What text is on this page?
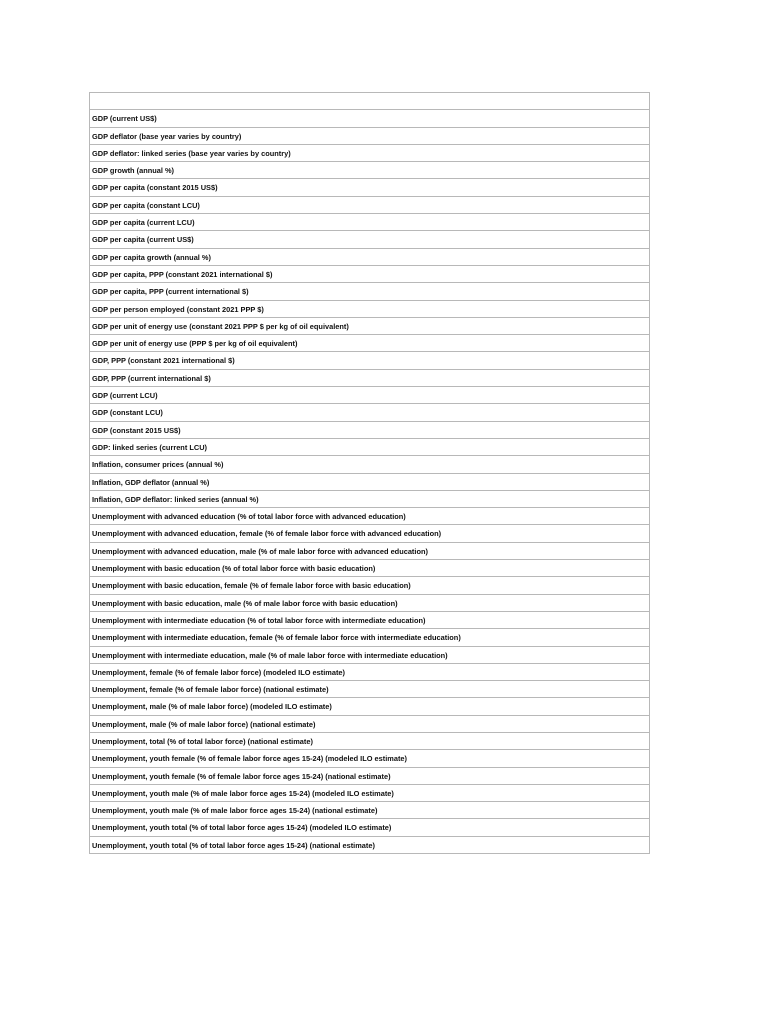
GDP (current US$)
GDP deflator (base year varies by country)
GDP deflator: linked series (base year varies by country)
GDP growth (annual %)
GDP per capita (constant 2015 US$)
GDP per capita (constant LCU)
GDP per capita (current LCU)
GDP per capita (current US$)
GDP per capita growth (annual %)
GDP per capita, PPP (constant 2021 international $)
GDP per capita, PPP (current international $)
GDP per person employed (constant 2021 PPP $)
GDP per unit of energy use (constant 2021 PPP $ per kg of oil equivalent)
GDP per unit of energy use (PPP $ per kg of oil equivalent)
GDP, PPP (constant 2021 international $)
GDP, PPP (current international $)
GDP (current LCU)
GDP (constant LCU)
GDP (constant 2015 US$)
GDP: linked series (current LCU)
Inflation, consumer prices (annual %)
Inflation, GDP deflator (annual %)
Inflation, GDP deflator: linked series (annual %)
Unemployment with advanced education (% of total labor force with advanced education)
Unemployment with advanced education, female (% of female labor force with advanced education)
Unemployment with advanced education, male (% of male labor force with advanced education)
Unemployment with basic education (% of total labor force with basic education)
Unemployment with basic education, female (% of female labor force with basic education)
Unemployment with basic education, male (% of male labor force with basic education)
Unemployment with intermediate education (% of total labor force with intermediate education)
Unemployment with intermediate education, female (% of female labor force with intermediate education)
Unemployment with intermediate education, male (% of male labor force with intermediate education)
Unemployment, female (% of female labor force) (modeled ILO estimate)
Unemployment, female (% of female labor force) (national estimate)
Unemployment, male (% of male labor force) (modeled ILO estimate)
Unemployment, male (% of male labor force) (national estimate)
Unemployment, total (% of total labor force) (national estimate)
Unemployment, youth female (% of female labor force ages 15-24) (modeled ILO estimate)
Unemployment, youth female (% of female labor force ages 15-24) (national estimate)
Unemployment, youth male (% of male labor force ages 15-24) (modeled ILO estimate)
Unemployment, youth male (% of male labor force ages 15-24) (national estimate)
Unemployment, youth total (% of total labor force ages 15-24) (modeled ILO estimate)
Unemployment, youth total (% of total labor force ages 15-24) (national estimate)
